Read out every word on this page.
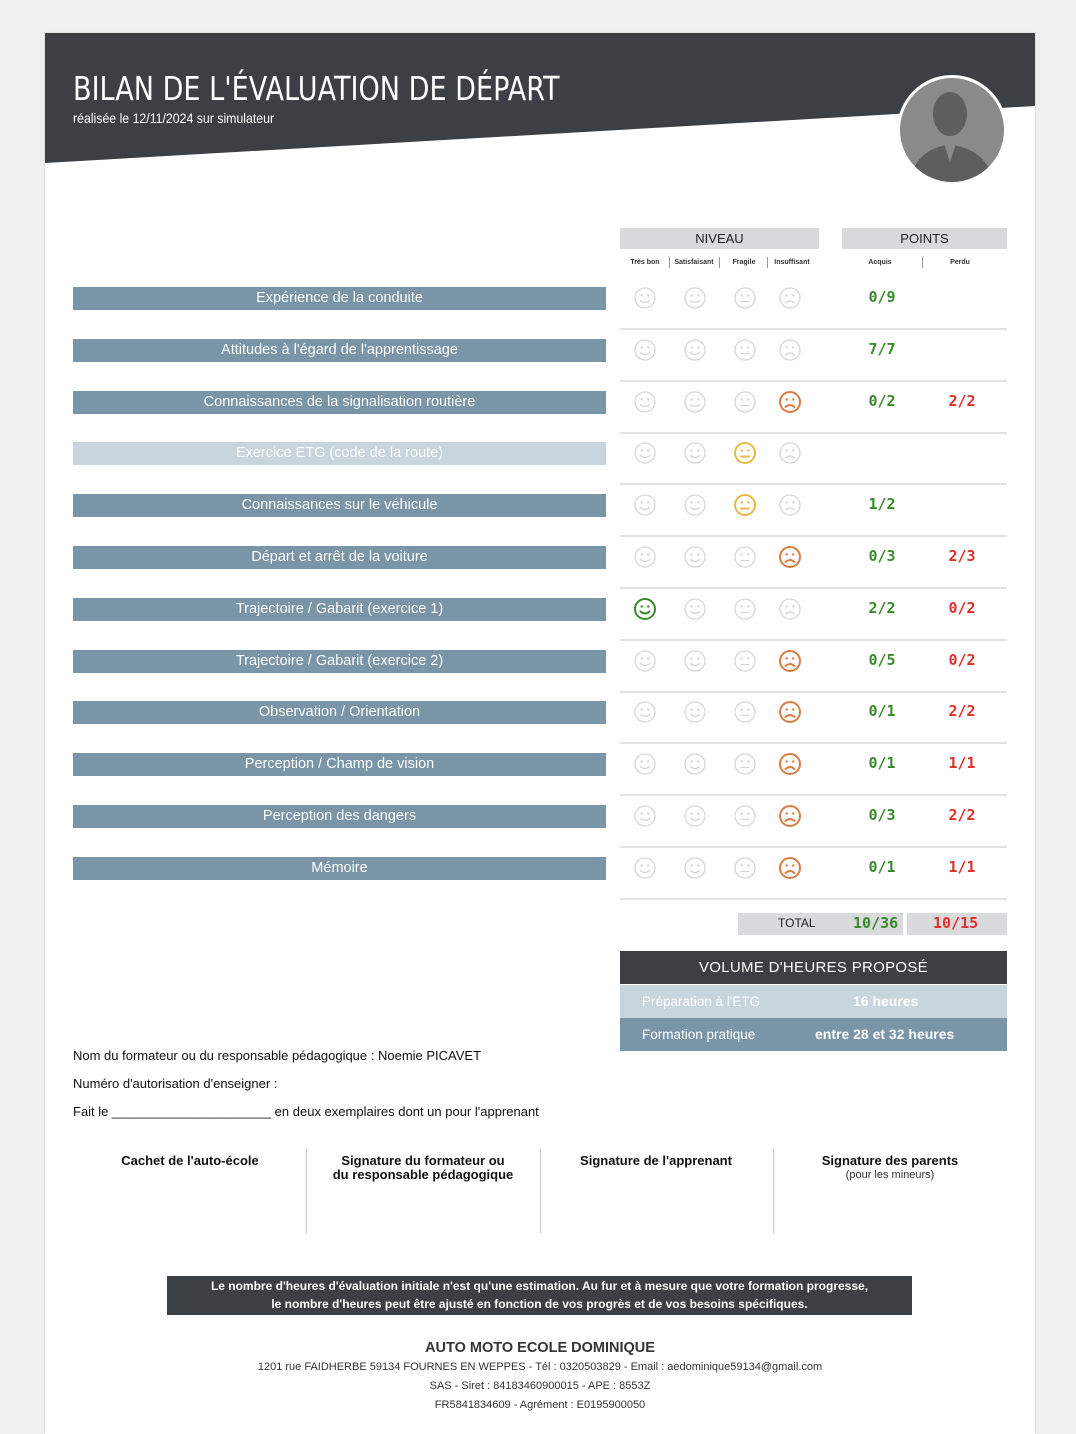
BILAN DE L'ÉVALUATION DE DÉPART
réalisée le 12/11/2024 sur simulateur
NIVEAU	POINTS
Très bon	Satisfaisant	Fragile	Insuffisant	Acquis	Perdu
Expérience de la conduite	0/9
Attitudes à l'égard de l'apprentissage	7/7
Connaissances de la signalisation routière	0/2	2/2
Exercice ETG (code de la route)
Connaissances sur le véhicule	1/2
Départ et arrêt de la voiture	0/3	2/3
Trajectoire / Gabarit (exercice 1)	2/2	0/2
Trajectoire / Gabarit (exercice 2)	0/5	0/2
Observation / Orientation	0/1	2/2
Perception / Champ de vision	0/1	1/1
Perception des dangers	0/3	2/2
Mémoire	0/1	1/1
TOTAL 10/36 10/15
VOLUME D'HEURES PROPOSÉ
Préparation à l'ETG	16 heures
Formation pratique	entre 28 et 32 heures
Nom du formateur ou du responsable pédagogique : Noemie PICAVET
Numéro d'autorisation d'enseigner :
Fait le ______________________ en deux exemplaires dont un pour l'apprenant
Cachet de l'auto-école	Signature du formateur ou
du responsable pédagogique
Signature de l'apprenant	Signature des parents
(pour les mineurs)
Le nombre d'heures d'évaluation initiale n'est qu'une estimation. Au fur et à mesure que votre formation progresse,
le nombre d'heures peut être ajusté en fonction de vos progrès et de vos besoins spécifiques.
AUTO MOTO ECOLE DOMINIQUE
1201 rue FAIDHERBE 59134 FOURNES EN WEPPES - Tél : 0320503829 - Email : aedominique59134@gmail.com
SAS - Siret : 84183460900015 - APE : 8553Z
FR5841834609 - Agrément : E0195900050
